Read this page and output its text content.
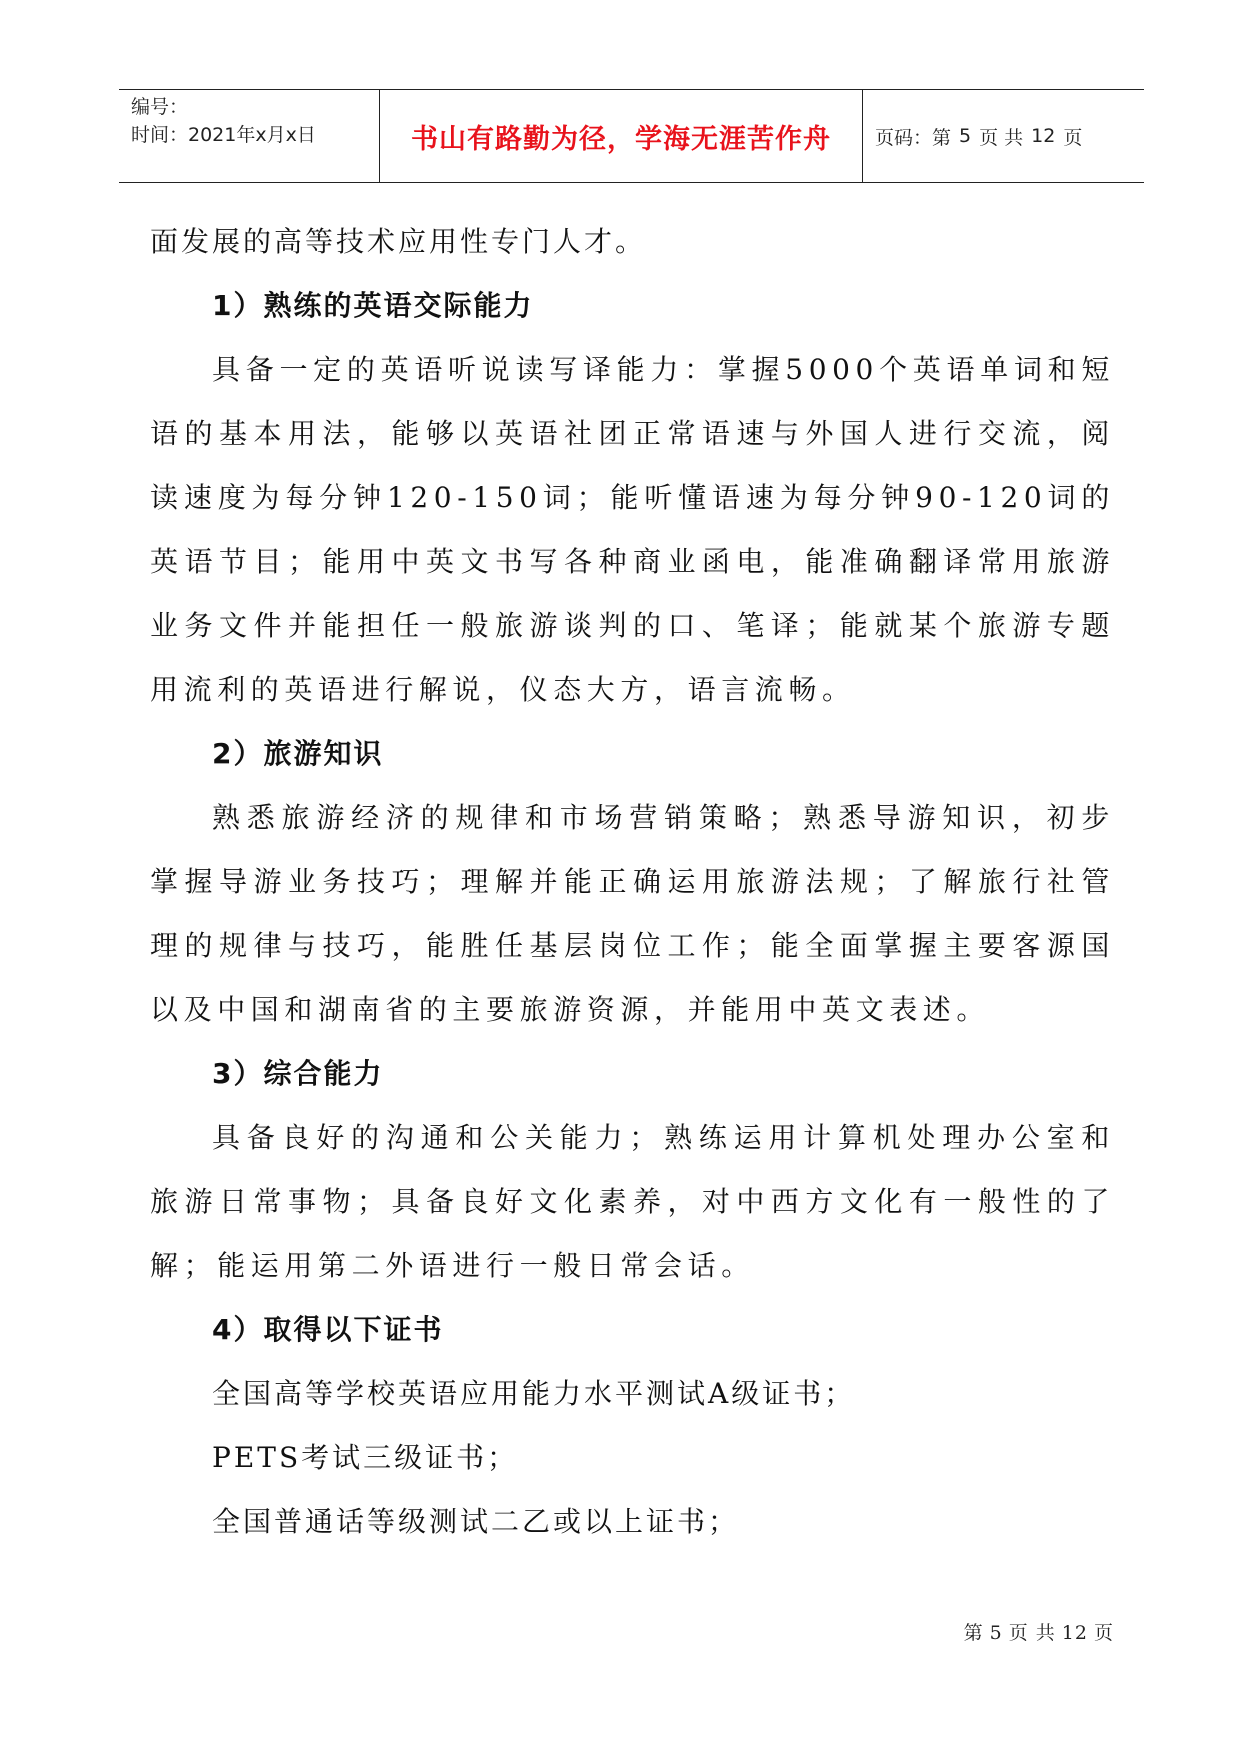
编号：
时间：2021年x月x日	书山有路勤为径，学海无涯苦作舟 页码：第 5 页 共 12 页
面发展的高等技术应用性专门人才。
1）熟练的英语交际能力

具备一定的英语听说读写译能力：掌握5000个英语单词和短语的基本用法，能够以英语社团正常语速与外国人进行交流，阅读速度为每分钟120-150词；能听懂语速为每分钟90-120词的英语节目；能用中英文书写各种商业函电，能准确翻译常用旅游业务文件并能担任一般旅游谈判的口、笔译；能就某个旅游专题用流利的英语进行解说，仪态大方，语言流畅。

2）旅游知识

熟悉旅游经济的规律和市场营销策略；熟悉导游知识，初步掌握导游业务技巧；理解并能正确运用旅游法规；了解旅行社管理的规律与技巧，能胜任基层岗位工作；能全面掌握主要客源国以及中国和湖南省的主要旅游资源，并能用中英文表述。

3）综合能力

具备良好的沟通和公关能力；熟练运用计算机处理办公室和旅游日常事物；具备良好文化素养，对中西方文化有一般性的了解；能运用第二外语进行一般日常会话。

4）取得以下证书
全国高等学校英语应用能力水平测试A级证书；
PETS考试三级证书；
全国普通话等级测试二乙或以上证书；
第 5 页 共 12 页
